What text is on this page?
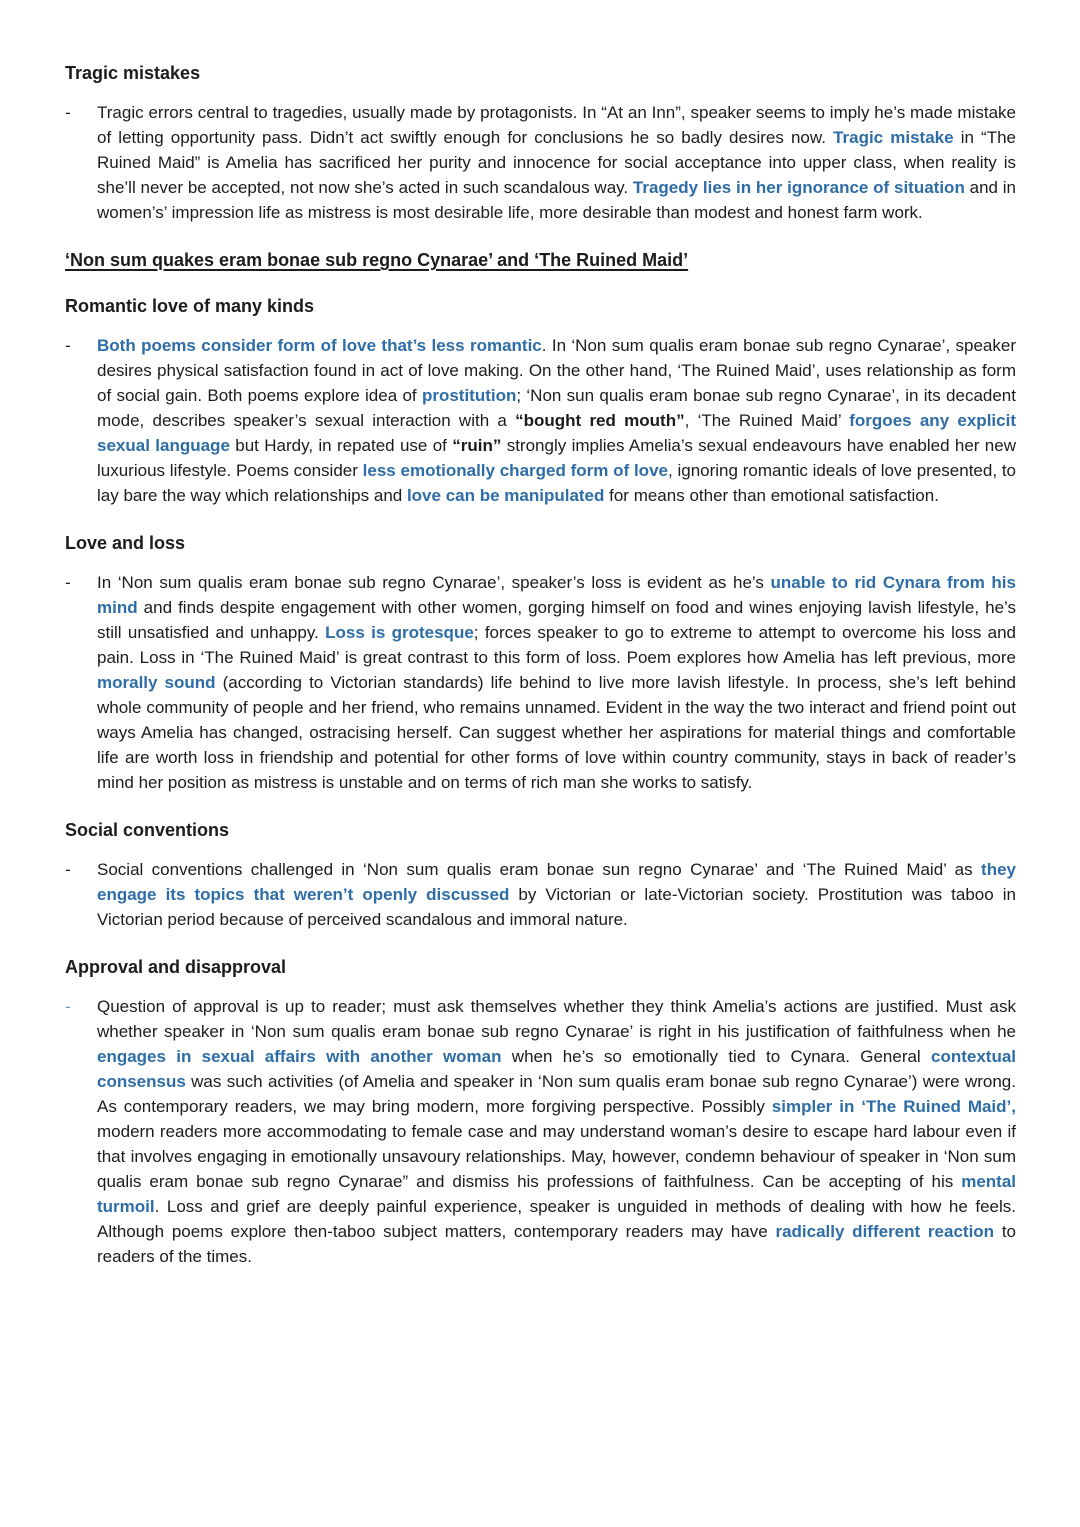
Tragic mistakes
-	Tragic errors central to tragedies, usually made by protagonists. In “At an Inn”, speaker seems to imply he’s made mistake of letting opportunity pass. Didn’t act swiftly enough for conclusions he so badly desires now. Tragic mistake in “The Ruined Maid” is Amelia has sacrificed her purity and innocence for social acceptance into upper class, when reality is she’ll never be accepted, not now she’s acted in such scandalous way. Tragedy lies in her ignorance of situation and in women’s’ impression life as mistress is most desirable life, more desirable than modest and honest farm work.
‘Non sum quakes eram bonae sub regno Cynarae’ and ‘The Ruined Maid’
Romantic love of many kinds
-	Both poems consider form of love that’s less romantic. In ‘Non sum qualis eram bonae sub regno Cynarae’, speaker desires physical satisfaction found in act of love making. On the other hand, ‘The Ruined Maid’, uses relationship as form of social gain. Both poems explore idea of prostitution; ‘Non sun qualis eram bonae sub regno Cynarae’, in its decadent mode, describes speaker’s sexual interaction with a “bought red mouth”, ‘The Ruined Maid’ forgoes any explicit sexual language but Hardy, in repated use of “ruin” strongly implies Amelia’s sexual endeavours have enabled her new luxurious lifestyle. Poems consider less emotionally charged form of love, ignoring romantic ideals of love presented, to lay bare the way which relationships and love can be manipulated for means other than emotional satisfaction.
Love and loss
-	In ‘Non sum qualis eram bonae sub regno Cynarae’, speaker’s loss is evident as he’s unable to rid Cynara from his mind and finds despite engagement with other women, gorging himself on food and wines enjoying lavish lifestyle, he’s still unsatisfied and unhappy. Loss is grotesque; forces speaker to go to extreme to attempt to overcome his loss and pain. Loss in ‘The Ruined Maid’ is great contrast to this form of loss. Poem explores how Amelia has left previous, more morally sound (according to Victorian standards) life behind to live more lavish lifestyle. In process, she’s left behind whole community of people and her friend, who remains unnamed. Evident in the way the two interact and friend point out ways Amelia has changed, ostracising herself. Can suggest whether her aspirations for material things and comfortable life are worth loss in friendship and potential for other forms of love within country community, stays in back of reader’s mind her position as mistress is unstable and on terms of rich man she works to satisfy.
Social conventions
-	Social conventions challenged in ‘Non sum qualis eram bonae sun regno Cynarae’ and ‘The Ruined Maid’ as they engage its topics that weren’t openly discussed by Victorian or late-Victorian society. Prostitution was taboo in Victorian period because of perceived scandalous and immoral nature.
Approval and disapproval
-	Question of approval is up to reader; must ask themselves whether they think Amelia’s actions are justified. Must ask whether speaker in ‘Non sum qualis eram bonae sub regno Cynarae’ is right in his justification of faithfulness when he engages in sexual affairs with another woman when he’s so emotionally tied to Cynara. General contextual consensus was such activities (of Amelia and speaker in ‘Non sum qualis eram bonae sub regno Cynarae’) were wrong. As contemporary readers, we may bring modern, more forgiving perspective. Possibly simpler in ‘The Ruined Maid’, modern readers more accommodating to female case and may understand woman’s desire to escape hard labour even if that involves engaging in emotionally unsavoury relationships. May, however, condemn behaviour of speaker in ‘Non sum qualis eram bonae sub regno Cynarae” and dismiss his professions of faithfulness. Can be accepting of his mental turmoil. Loss and grief are deeply painful experience, speaker is unguided in methods of dealing with how he feels. Although poems explore then-taboo subject matters, contemporary readers may have radically different reaction to readers of the times.
